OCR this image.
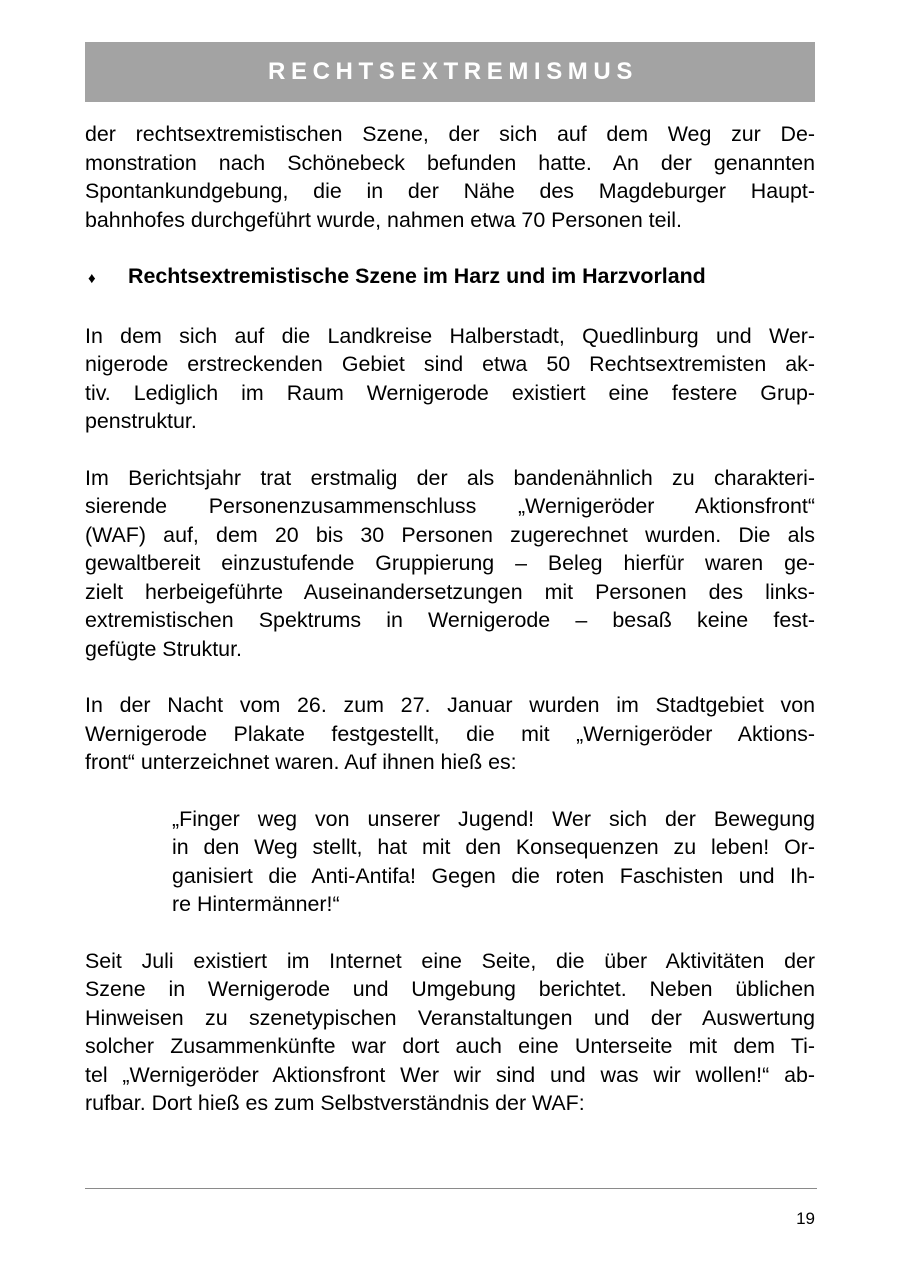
RECHTSEXTREMISMUS
der rechtsextremistischen Szene, der sich auf dem Weg zur De-
monstration nach Schönebeck befunden hatte. An der genannten
Spontankundgebung, die in der Nähe des Magdeburger Haupt-
bahnhofes durchgeführt wurde, nahmen etwa 70 Personen teil.
♦	Rechtsextremistische Szene im Harz und im Harzvorland
In dem sich auf die Landkreise Halberstadt, Quedlinburg und Wer-
nigerode erstreckenden Gebiet sind etwa 50 Rechtsextremisten ak-
tiv. Lediglich im Raum Wernigerode existiert eine festere Grup-
penstruktur.
Im Berichtsjahr trat erstmalig der als bandenähnlich zu charakteri-
sierende Personenzusammenschluss „Wernigeröder Aktionsfront“
(WAF) auf, dem 20 bis 30 Personen zugerechnet wurden. Die als
gewaltbereit einzustufende Gruppierung – Beleg hierfür waren ge-
zielt herbeigeführte Auseinandersetzungen mit Personen des links-
extremistischen Spektrums in Wernigerode – besaß keine fest-
gefügte Struktur.
In der Nacht vom 26. zum 27. Januar wurden im Stadtgebiet von
Wernigerode Plakate festgestellt, die mit „Wernigeröder Aktions-
front“ unterzeichnet waren. Auf ihnen hieß es:
„Finger weg von unserer Jugend! Wer sich der Bewegung
in den Weg stellt, hat mit den Konsequenzen zu leben! Or-
ganisiert die Anti-Antifa! Gegen die roten Faschisten und Ih-
re Hintermänner!“
Seit Juli existiert im Internet eine Seite, die über Aktivitäten der
Szene in Wernigerode und Umgebung berichtet. Neben üblichen
Hinweisen zu szenetypischen Veranstaltungen und der Auswertung
solcher Zusammenkünfte war dort auch eine Unterseite mit dem Ti-
tel „Wernigeröder Aktionsfront Wer wir sind und was wir wollen!“ ab-
rufbar. Dort hieß es zum Selbstverständnis der WAF:
19
